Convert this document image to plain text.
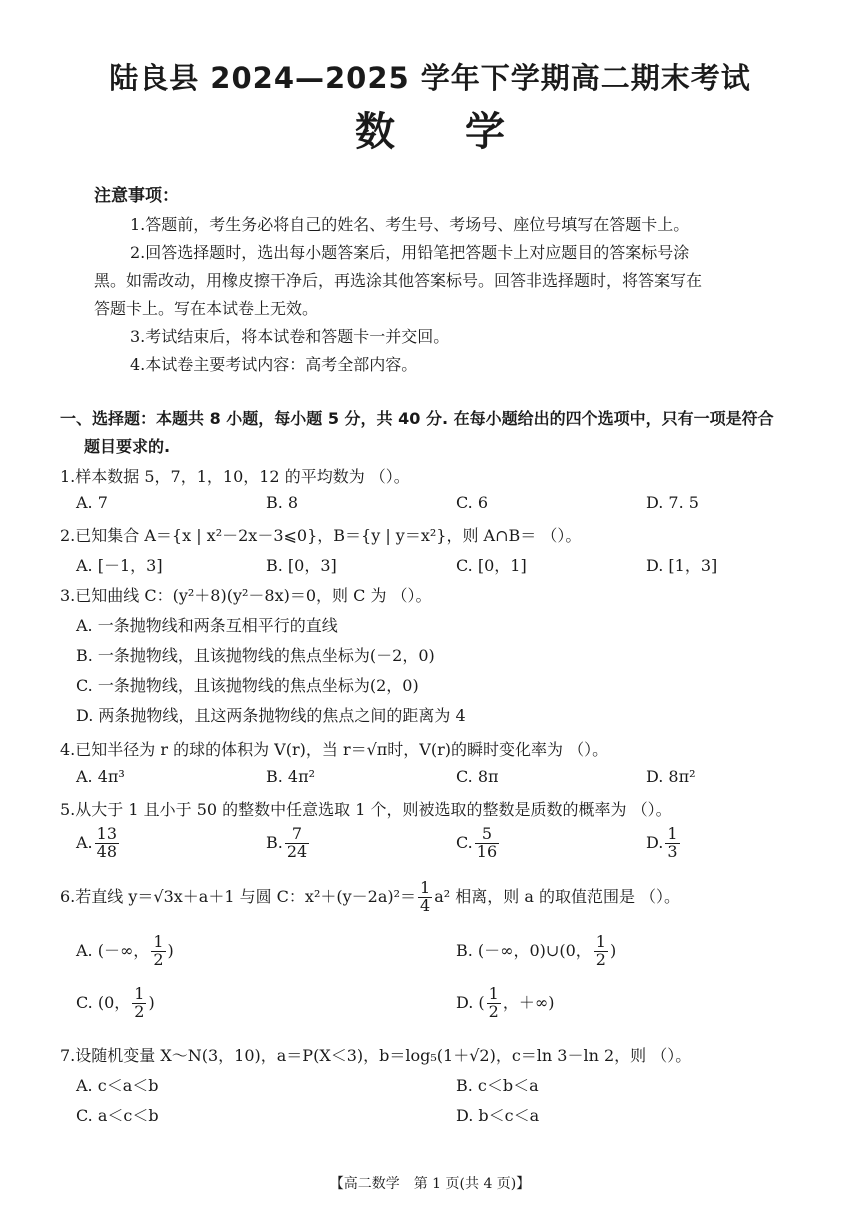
陆良县 2024—2025 学年下学期高二期末考试
数学
注意事项：
1.答题前，考生务必将自己的姓名、考生号、考场号、座位号填写在答题卡上。
2.回答选择题时，选出每小题答案后，用铅笔把答题卡上对应题目的答案标号涂
黑。如需改动，用橡皮擦干净后，再选涂其他答案标号。回答非选择题时，将答案写在
答题卡上。写在本试卷上无效。
3.考试结束后，将本试卷和答题卡一并交回。
4.本试卷主要考试内容：高考全部内容。
一、选择题：本题共 8 小题，每小题 5 分，共 40 分. 在每小题给出的四个选项中，只有一项是符合
题目要求的.
1.样本数据 5，7，1，10，12 的平均数为 （）。
A. 7	B. 8	C. 6	D. 7. 5
2.已知集合 A＝{x | x²－2x－3⩽0}，B＝{y | y＝x²}，则 A∩B＝ （）。
A. [－1，3]	B. [0，3]	C. [0，1]	D. [1，3]
3.已知曲线 C：(y²＋8)(y²－8x)＝0，则 C 为 （）。
A. 一条抛物线和两条互相平行的直线
B. 一条抛物线，且该抛物线的焦点坐标为(－2，0)
C. 一条抛物线，且该抛物线的焦点坐标为(2，0)
D. 两条抛物线，且这两条抛物线的焦点之间的距离为 4
4.已知半径为 r 的球的体积为 V(r)，当 r＝√π时，V(r)的瞬时变化率为 （）。
A. 4π³	B. 4π²	C. 8π	D. 8π²
5.从大于 1 且小于 50 的整数中任意选取 1 个，则被选取的整数是质数的概率为 （）。
A. $\frac{13}{48}$	B. $\frac{7}{24}$	C. $\frac{5}{16}$	D. $\frac{1}{3}$
6.若直线 y＝√3x＋a＋1 与圆 C：$x^2+(y-2a)^2= \frac{1}{4} a^2$ 相离，则 a 的取值范围是 （）。
A. (－∞， $\frac{1}{2}$ )	B. (－∞，0)∪(0， $\frac{1}{2}$ )
C. (0， $\frac{1}{2}$ )	D. ( $\frac{1}{2}$ ，＋∞)
7.设随机变量 X～N(3，10)，a＝P(X＜3)，b＝log₅(1＋√2)，c＝ln 3－ln 2，则 （）。
A. c＜a＜b	B. c＜b＜a
C. a＜c＜b	D. b＜c＜a
【高二数学　第 1 页(共 4 页)】
